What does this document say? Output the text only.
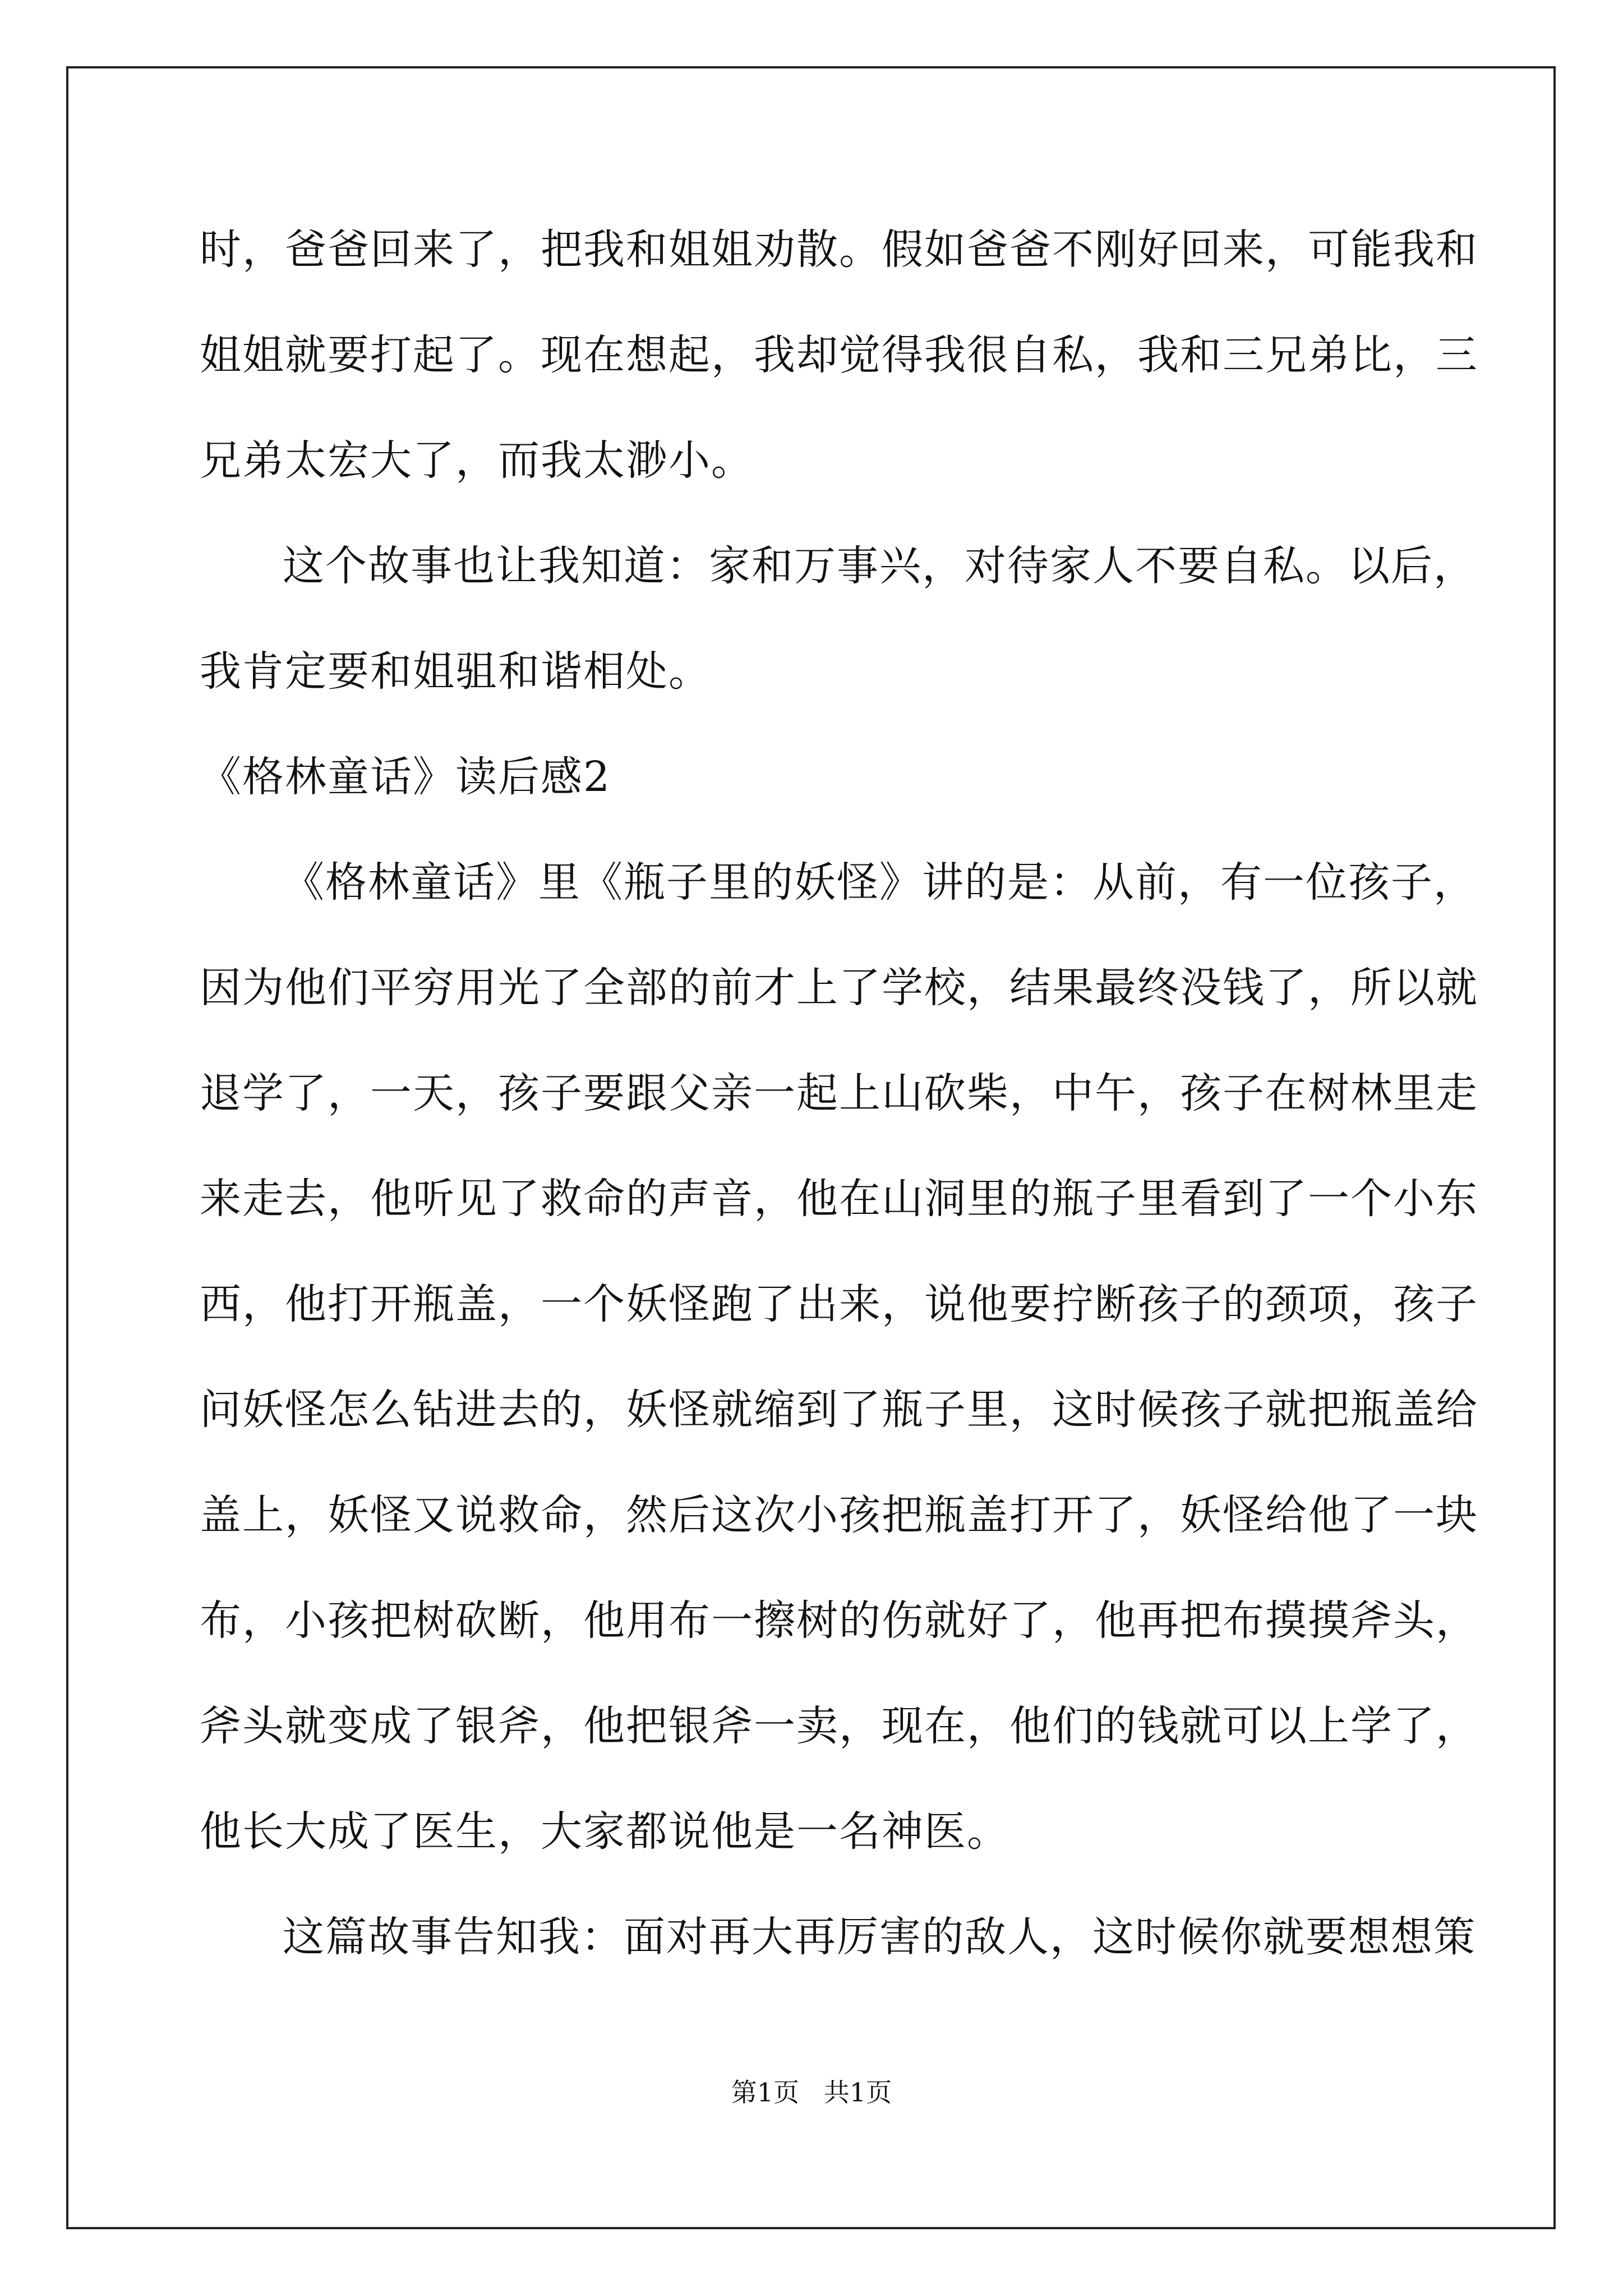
时，爸爸回来了，把我和姐姐劝散。假如爸爸不刚好回来，可能我和
姐姐就要打起了。现在想起，我却觉得我很自私，我和三兄弟比，三
兄弟太宏大了，而我太渺小。
这个故事也让我知道：家和万事兴，对待家人不要自私。以后，
我肯定要和姐驵和谐相处。
《格林童话》读后感2
《格林童话》里《瓶子里的妖怪》讲的是：从前，有一位孩子，
因为他们平穷用光了全部的前才上了学校，结果最终没钱了，所以就
退学了，一天，孩子要跟父亲一起上山砍柴，中午，孩子在树林里走
来走去，他听见了救命的声音，他在山洞里的瓶子里看到了一个小东
西，他打开瓶盖，一个妖怪跑了出来，说他要拧断孩子的颈项，孩子
问妖怪怎么钻进去的，妖怪就缩到了瓶子里，这时候孩子就把瓶盖给
盖上，妖怪又说救命，然后这次小孩把瓶盖打开了，妖怪给他了一块
布，小孩把树砍断，他用布一擦树的伤就好了，他再把布摸摸斧头，
斧头就变成了银斧，他把银斧一卖，现在，他们的钱就可以上学了，
他长大成了医生，大家都说他是一名神医。
这篇故事告知我：面对再大再厉害的敌人，这时候你就要想想策
第1页   共1页
